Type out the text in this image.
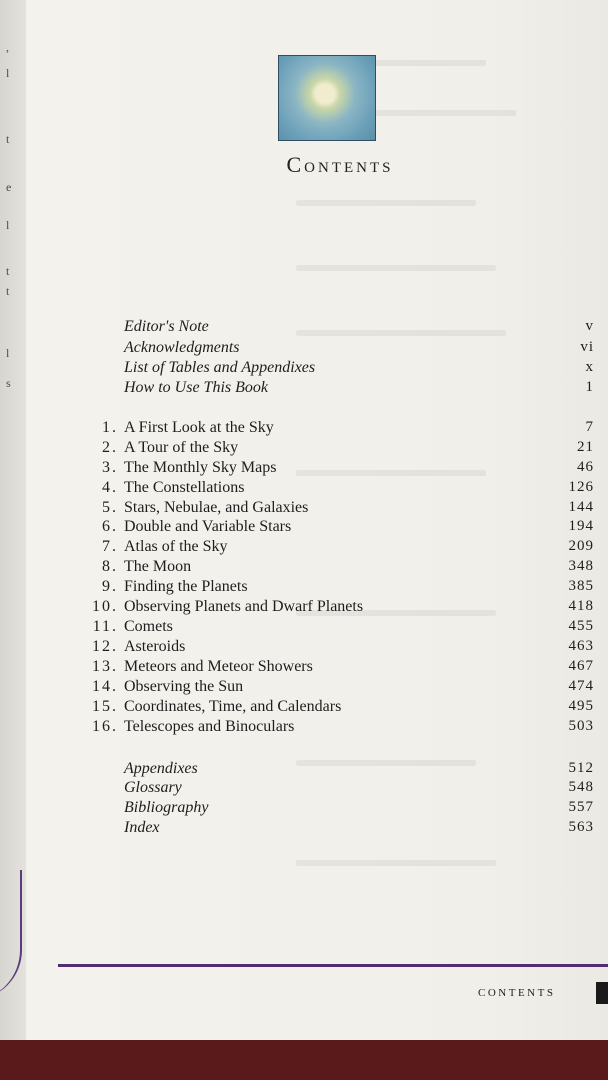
,
l
t
e
l
t
t
l
s
Contents
Editor's Note	v
Acknowledgments	vi
List of Tables and Appendixes	x
How to Use This Book	1
1. A First Look at the Sky	7
2. A Tour of the Sky	21
3. The Monthly Sky Maps	46
4. The Constellations	126
5. Stars, Nebulae, and Galaxies	144
6. Double and Variable Stars	194
7. Atlas of the Sky	209
8. The Moon	348
9. Finding the Planets	385
10. Observing Planets and Dwarf Planets	418
11. Comets	455
12. Asteroids	463
13. Meteors and Meteor Showers	467
14. Observing the Sun	474
15. Coordinates, Time, and Calendars	495
16. Telescopes and Binoculars	503
Appendixes	512
Glossary	548
Bibliography	557
Index	563
CONTENTS
